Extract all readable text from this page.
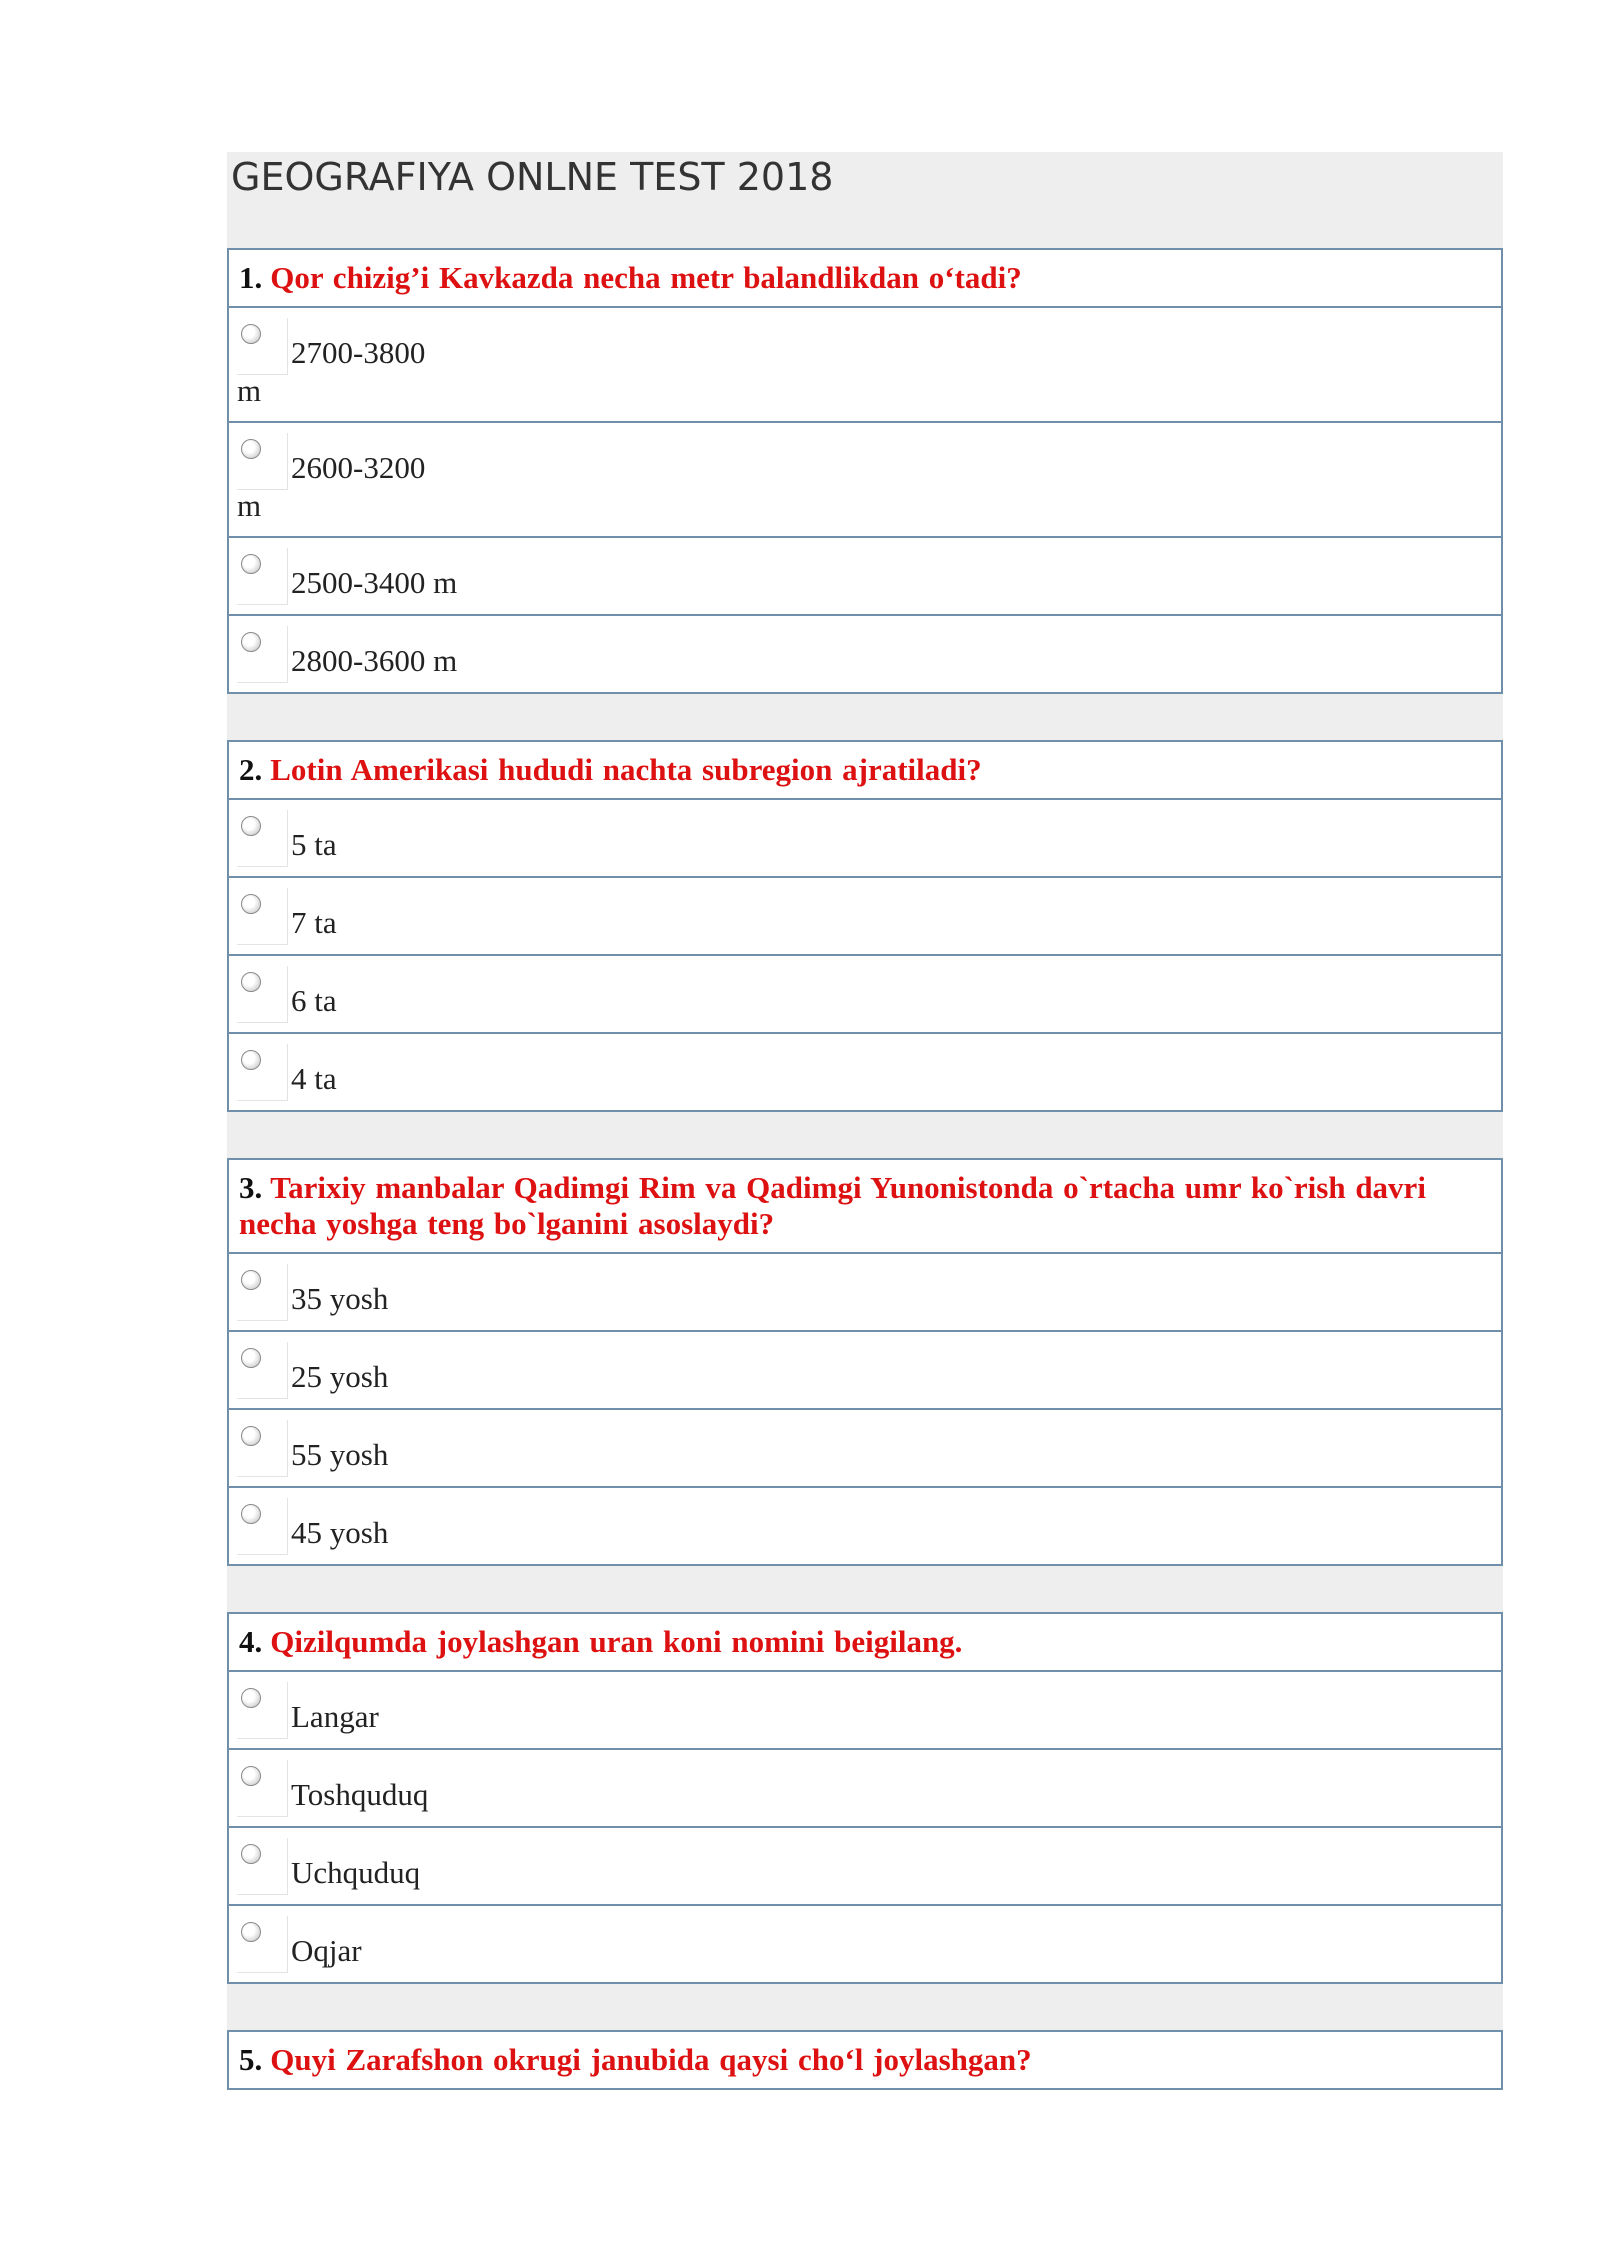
GEOGRAFIYA ONLNE TEST 2018
1. Qor chizig’i Kavkazda necha metr balandlikdan o‘tadi?
2700-3800
m
2600-3200
m
2500-3400 m
2800-3600 m
2. Lotin Amerikasi hududi nachta subregion ajratiladi?
5 ta
7 ta
6 ta
4 ta
3. Tarixiy manbalar Qadimgi Rim va Qadimgi Yunonistonda o`rtacha umr ko`rish davri necha yoshga teng bo`lganini asoslaydi?
35 yosh
25 yosh
55 yosh
45 yosh
4. Qizilqumda joylashgan uran koni nomini beigilang.
Langar
Toshquduq
Uchquduq
Oqjar
5. Quyi Zarafshon okrugi janubida qaysi cho‘l joylashgan?
